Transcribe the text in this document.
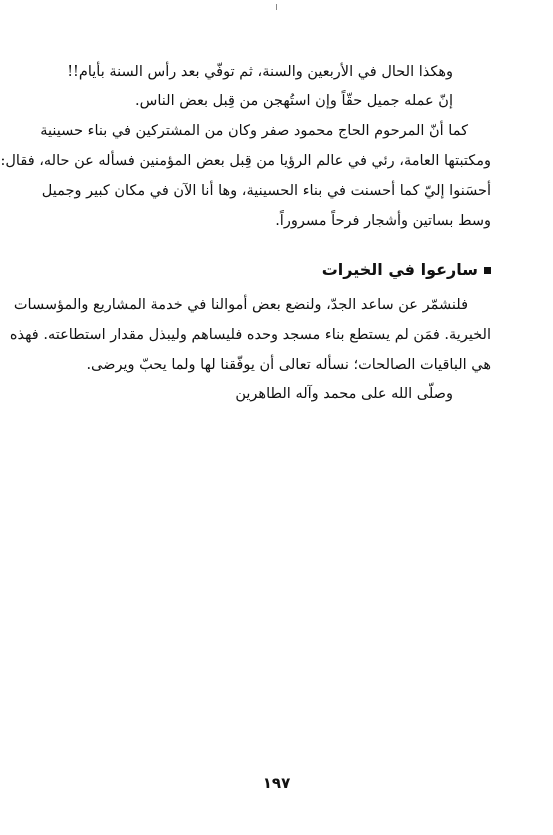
وهكذا الحال في الأربعين والسنة، ثم توفّي بعد رأس السنة بأيام!!
إنّ عمله جميل حقّاً وإن استُهجن من قِبل بعض الناس.
كما أنّ المرحوم الحاج محمود صفر وكان من المشتركين في بناء حسينية
ومكتبتها العامة، رئي في عالم الرؤيا من قِبل بعض المؤمنين فسأله عن حاله، فقال:
أحسَنوا إليّ كما أحسنت في بناء الحسينية، وها أنا الآن في مكان كبير وجميل
وسط بساتين وأشجار فرحاً مسروراً.
سارعوا في الخيرات
فلنشمّر عن ساعد الجدّ، ولنضع بعض أموالنا في خدمة المشاريع والمؤسسات
الخيرية. فمَن لم يستطع بناء مسجد وحده فليساهم وليبذل مقدار استطاعته. فهذه
هي الباقيات الصالحات؛ نسأله تعالى أن يوفّقنا لها ولما يحبّ ويرضى.
وصلّى الله على محمد وآله الطاهرين
١٩٧
